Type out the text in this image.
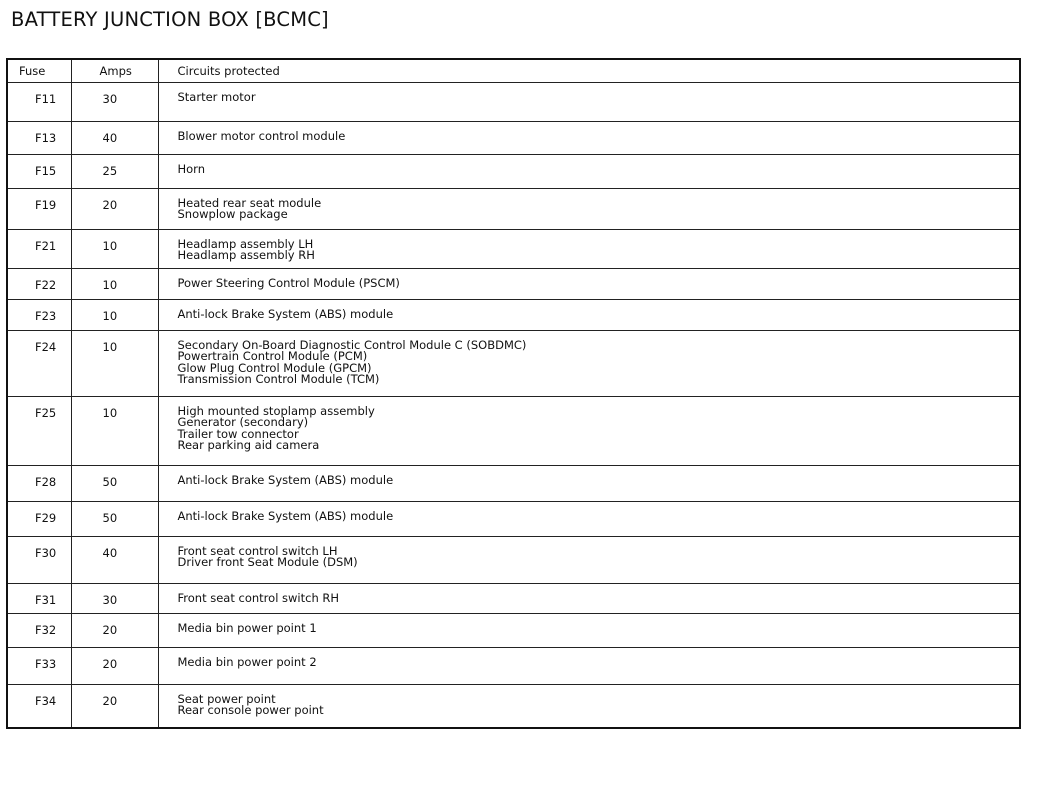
BATTERY JUNCTION BOX [BCMC]
Fuse	Amps	Circuits protected
F11	30	Starter motor

F13	40	Blower motor control module

F15	25	Horn

F19	20	Heated rear seat module
Snowplow package

F21	10	Headlamp assembly LH
Headlamp assembly RH

F22	10	Power Steering Control Module (PSCM)

F23	10	Anti-lock Brake System (ABS) module

F24	10	Secondary On-Board Diagnostic Control Module C (SOBDMC)
Powertrain Control Module (PCM)
Glow Plug Control Module (GPCM)
Transmission Control Module (TCM)

F25	10	High mounted stoplamp assembly
Generator (secondary)
Trailer tow connector
Rear parking aid camera

F28	50	Anti-lock Brake System (ABS) module

F29	50	Anti-lock Brake System (ABS) module

F30	40	Front seat control switch LH
Driver front Seat Module (DSM)

F31	30	Front seat control switch RH

F32	20	Media bin power point 1

F33	20	Media bin power point 2

F34	20	Seat power point
Rear console power point
